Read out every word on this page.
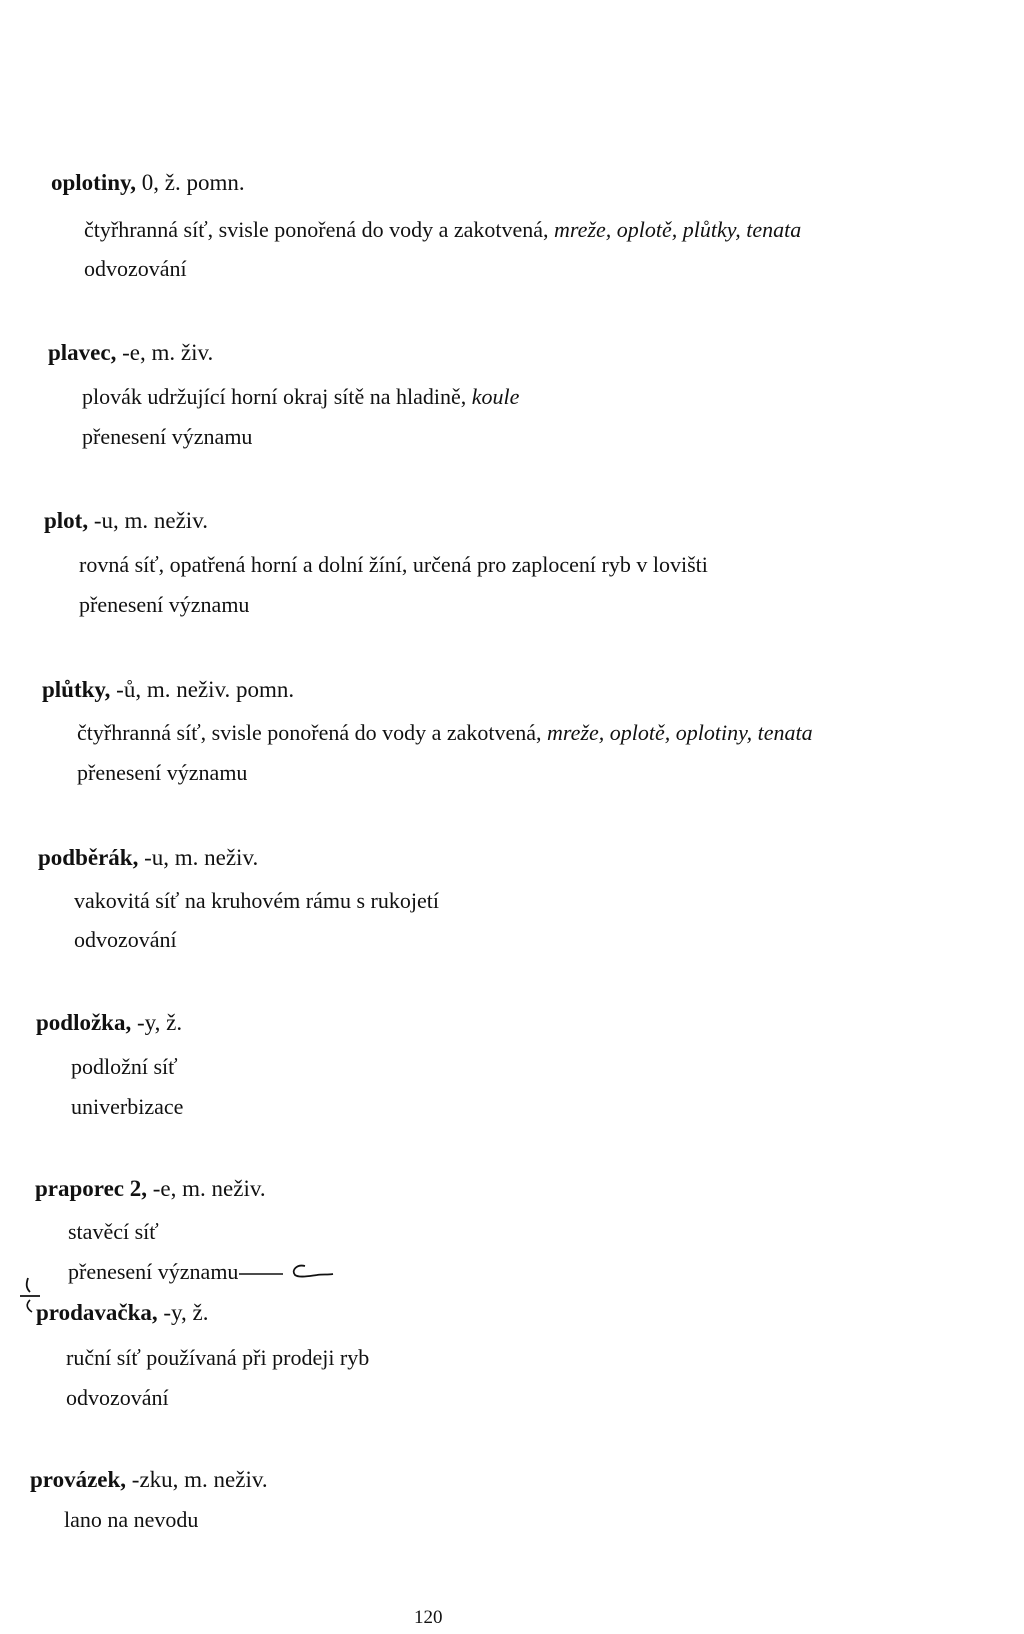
oplotiny, 0, ž. pomn.
čtyřhranná síť, svisle ponořená do vody a zakotvená, mreže, oplotě, plůtky, tenata
odvozování
plavec, -e, m. živ.
plovák udržující horní okraj sítě na hladině, koule
přenesení významu
plot, -u, m. neživ.
rovná síť, opatřená horní a dolní žíní, určená pro zaplocení ryb v lovišti
přenesení významu
plůtky, -ů, m. neživ. pomn.
čtyřhranná síť, svisle ponořená do vody a zakotvená, mreže, oplotě, oplotiny, tenata
přenesení významu
podběrák, -u, m. neživ.
vakovitá síť na kruhovém rámu s rukojetí
odvozování
podložka, -y, ž.
podložní síť
univerbizace
praporec 2, -e, m. neživ.
stavěcí síť
přenesení významu
prodavačka, -y, ž.
ruční síť používaná při prodeji ryb
odvozování
provázek, -zku, m. neživ.
lano na nevodu
120
